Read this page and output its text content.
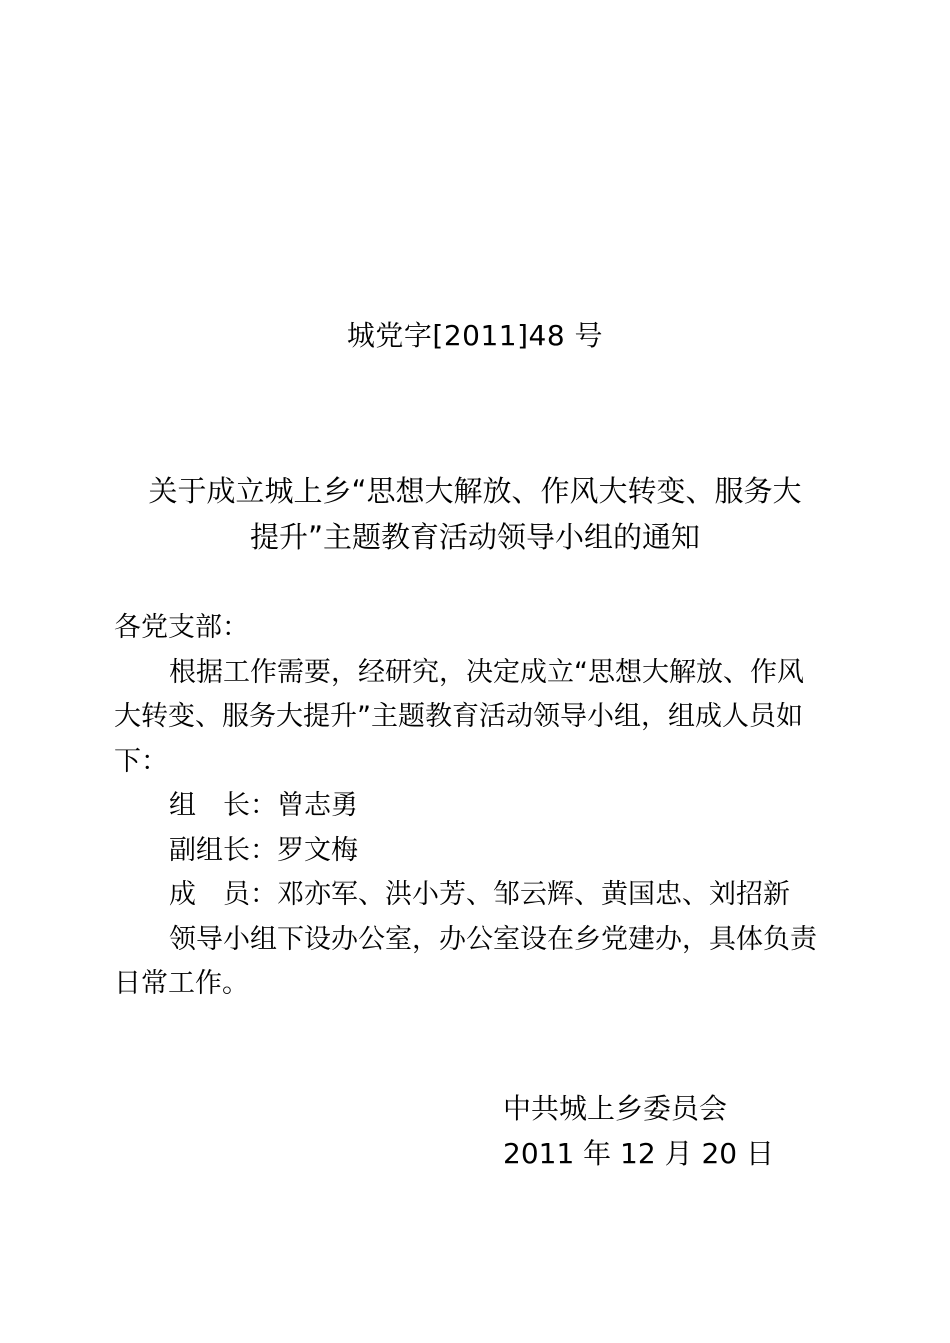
城党字[2011]48 号
关于成立城上乡“思想大解放、作风大转变、服务大
提升”主题教育活动领导小组的通知
各党支部：
根据工作需要，经研究，决定成立“思想大解放、作风
大转变、服务大提升”主题教育活动领导小组，组成人员如
下：
组　长：曾志勇
副组长：罗文梅
成　员：邓亦军、洪小芳、邹云辉、黄国忠、刘招新
领导小组下设办公室，办公室设在乡党建办，具体负责
日常工作。
中共城上乡委员会
2011 年 12 月 20 日
